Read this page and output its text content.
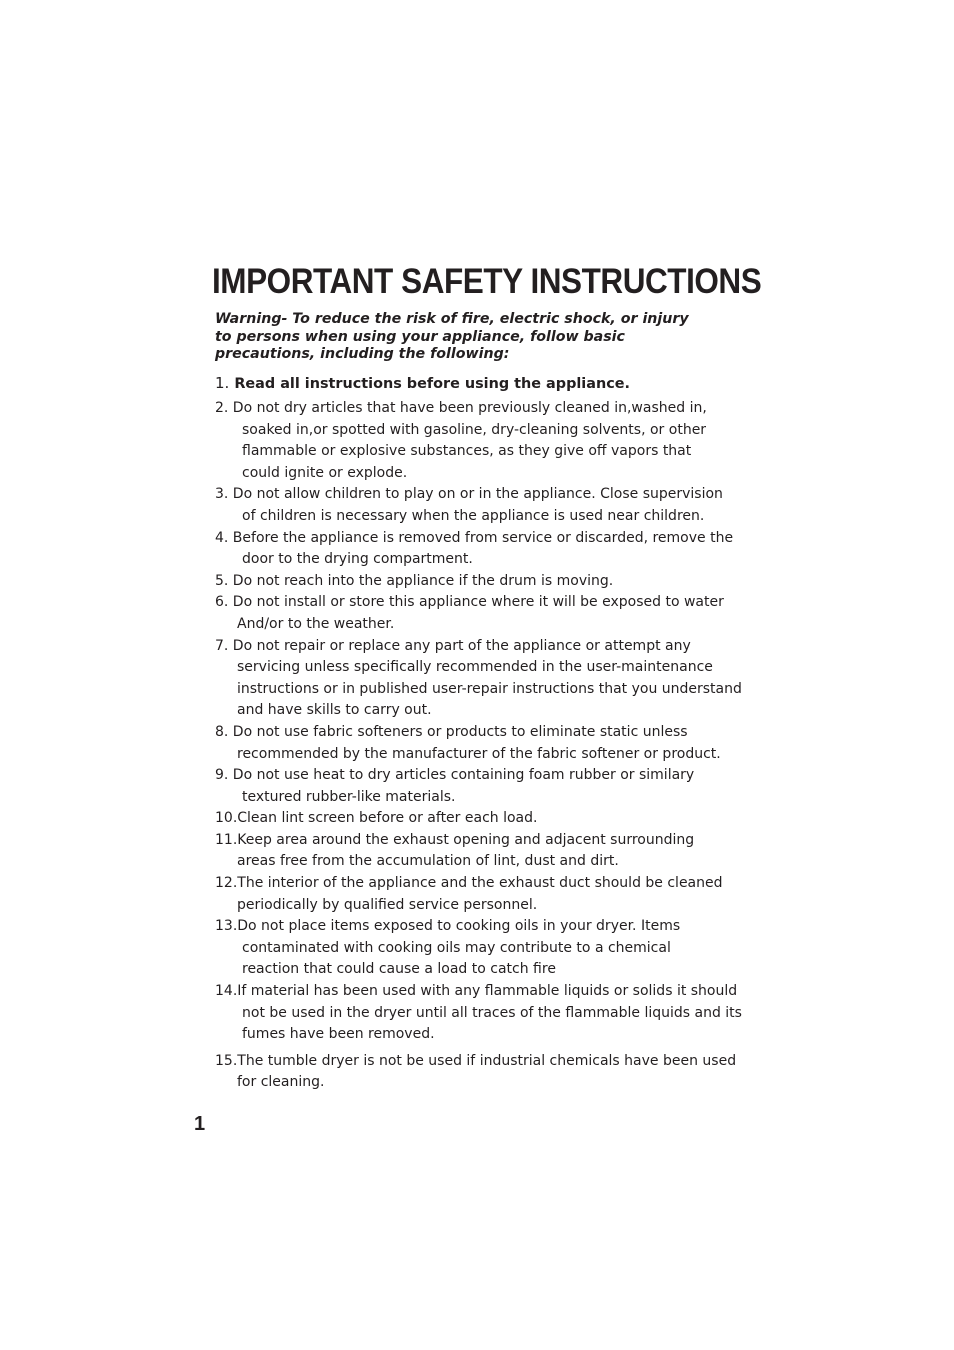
IMPORTANT SAFETY INSTRUCTIONS
Warning- To reduce the risk of fire, electric shock, or injury
to persons when using your appliance, follow basic
precautions, including the following:
1. Read all instructions before using the appliance.
2. Do not dry articles that have been previously cleaned in,washed in,
soaked in,or spotted with gasoline, dry-cleaning solvents, or other
flammable or explosive substances, as they give off vapors that
could ignite or explode.
3. Do not allow children to play on or in the appliance. Close supervision
of children is necessary when the appliance is used near children.
4. Before the appliance is removed from service or discarded, remove the
door to the drying compartment.
5. Do not reach into the appliance if the drum is moving.
6. Do not install or store this appliance where it will be exposed to water
And/or to the weather.
7. Do not repair or replace any part of the appliance or attempt any
servicing unless specifically recommended in the user-maintenance
instructions or in published user-repair instructions that you understand
and have skills to carry out.
8. Do not use fabric softeners or products to eliminate static unless
recommended by the manufacturer of the fabric softener or product.
9. Do not use heat to dry articles containing foam rubber or similary
textured rubber-like materials.
10.Clean lint screen before or after each load.
11.Keep area around the exhaust opening and adjacent surrounding
areas free from the accumulation of lint, dust and dirt.
12.The interior of the appliance and the exhaust duct should be cleaned
periodically by qualified service personnel.
13.Do not place items exposed to cooking oils in your dryer. Items
contaminated with cooking oils may contribute to a chemical
reaction that could cause a load to catch fire
14.If material has been used with any flammable liquids or solids it should
not be used in the dryer until all traces of the flammable liquids and its
fumes have been removed.
15.The tumble dryer is not be used if industrial chemicals have been used
for cleaning.
1
